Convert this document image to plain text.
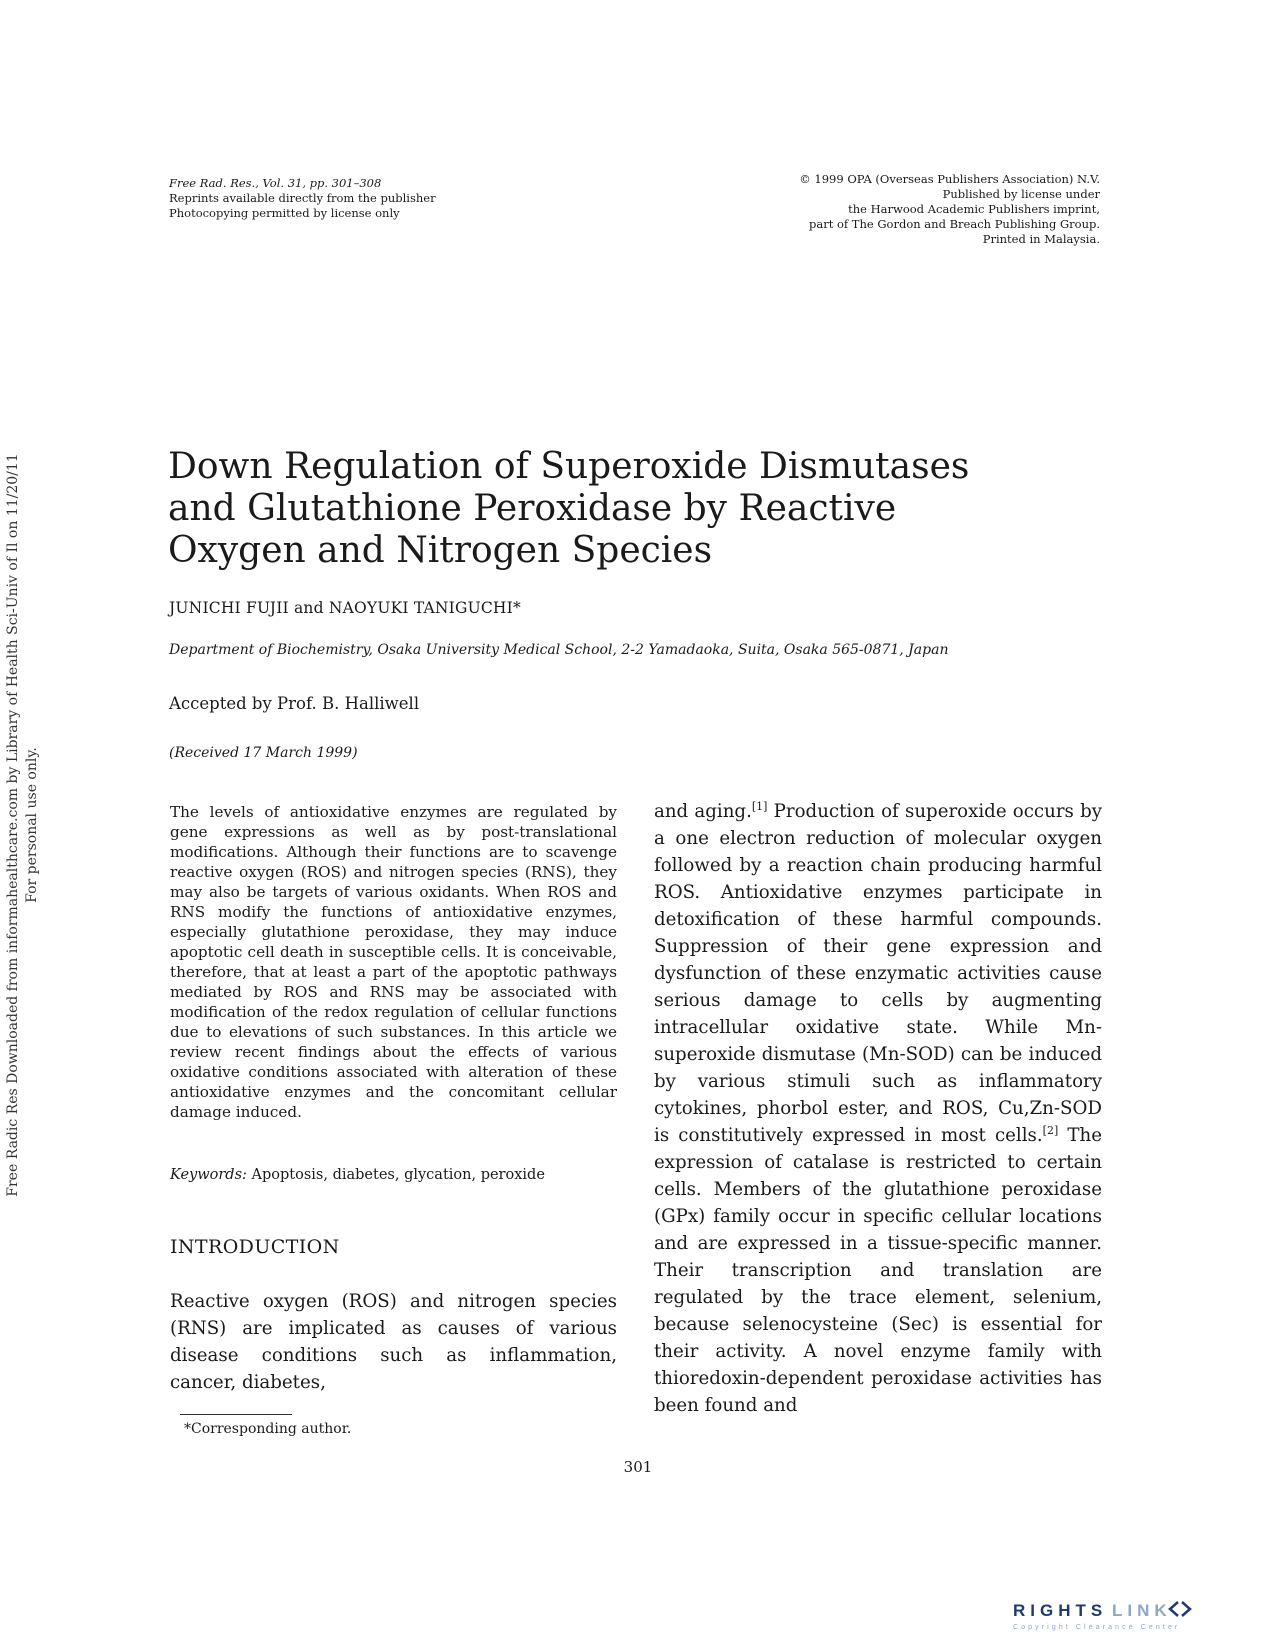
Free Rad. Res., Vol. 31, pp. 301–308
Reprints available directly from the publisher
Photocopying permitted by license only
© 1999 OPA (Overseas Publishers Association) N.V.
Published by license under
the Harwood Academic Publishers imprint,
part of The Gordon and Breach Publishing Group.
Printed in Malaysia.
Free Radic Res Downloaded from informahealthcare.com by Library of Health Sci-Univ of Il on 11/20/11 For personal use only.
Down Regulation of Superoxide Dismutases
and Glutathione Peroxidase by Reactive
Oxygen and Nitrogen Species
JUNICHI FUJII and NAOYUKI TANIGUCHI*
Department of Biochemistry, Osaka University Medical School, 2-2 Yamadaoka, Suita, Osaka 565-0871, Japan
Accepted by Prof. B. Halliwell
(Received 17 March 1999)

The levels of antioxidative enzymes are regulated by gene expressions as well as by post-translational modifications. Although their functions are to scavenge reactive oxygen (ROS) and nitrogen species (RNS), they may also be targets of various oxidants. When ROS and RNS modify the functions of antioxidative enzymes, especially glutathione peroxidase, they may induce apoptotic cell death in susceptible cells. It is conceivable, therefore, that at least a part of the apoptotic pathways mediated by ROS and RNS may be associated with modification of the redox regulation of cellular functions due to elevations of such substances. In this article we review recent findings about the effects of various oxidative conditions associated with alteration of these antioxidative enzymes and the concomitant cellular damage induced.

Keywords: Apoptosis, diabetes, glycation, peroxide
INTRODUCTION

Reactive oxygen (ROS) and nitrogen species (RNS) are implicated as causes of various disease conditions such as inflammation, cancer, diabetes,

and aging.[1] Production of superoxide occurs by a one electron reduction of molecular oxygen followed by a reaction chain producing harmful ROS. Antioxidative enzymes participate in detoxification of these harmful compounds. Suppression of their gene expression and dysfunction of these enzymatic activities cause serious damage to cells by augmenting intracellular oxidative state. While Mn-superoxide dismutase (Mn-SOD) can be induced by various stimuli such as inflammatory cytokines, phorbol ester, and ROS, Cu,Zn-SOD is constitutively expressed in most cells.[2] The expression of catalase is restricted to certain cells. Members of the glutathione peroxidase (GPx) family occur in specific cellular locations and are expressed in a tissue-specific manner. Their transcription and translation are regulated by the trace element, selenium, because selenocysteine (Sec) is essential for their activity. A novel enzyme family with thioredoxin-dependent peroxidase activities has been found and

*Corresponding author.
301
RIGHTS LINK
Copyright Clearance Center
